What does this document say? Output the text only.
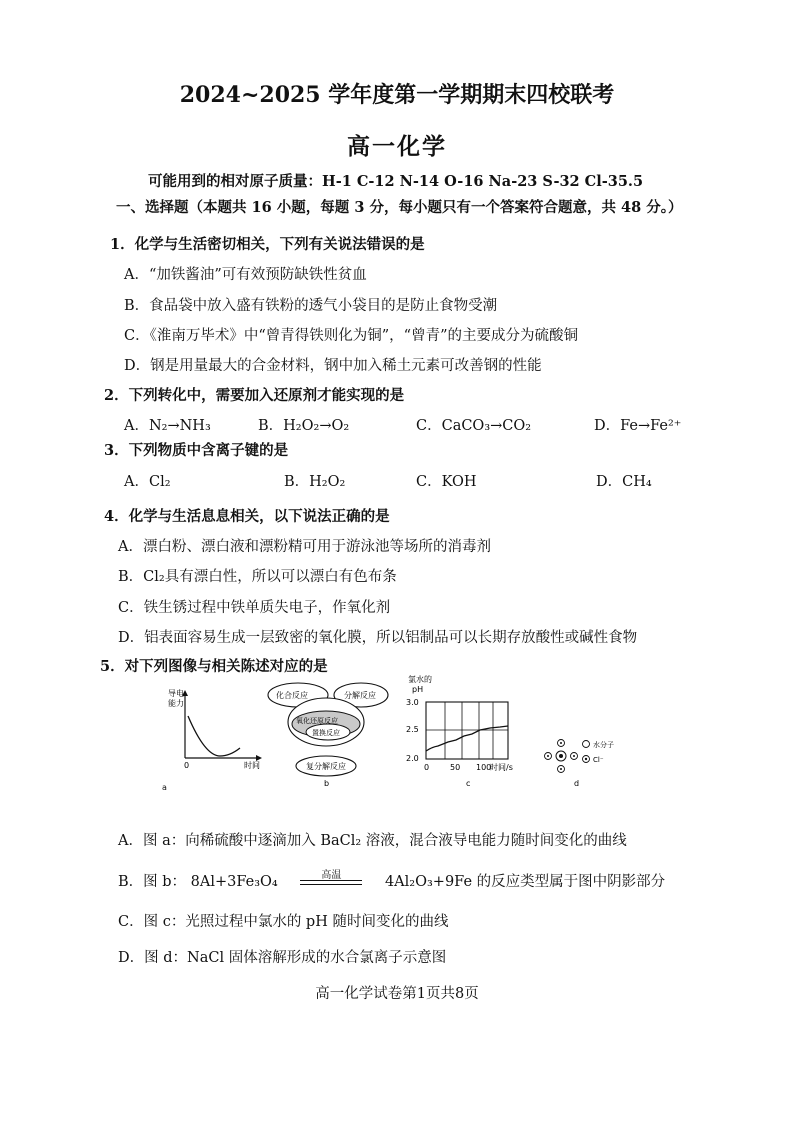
2024~2025 学年度第一学期期末四校联考
高一化学
可能用到的相对原子质量：H-1 C-12 N-14 O-16 Na-23 S-32 Cl-35.5
一、选择题（本题共 16 小题，每题 3 分，每小题只有一个答案符合题意，共 48 分。）
1．化学与生活密切相关，下列有关说法错误的是
A．“加铁酱油”可有效预防缺铁性贫血
B．食品袋中放入盛有铁粉的透气小袋目的是防止食物受潮
C．《淮南万毕术》中“曾青得铁则化为铜”，“曾青”的主要成分为硫酸铜
D．钢是用量最大的合金材料，钢中加入稀土元素可改善钢的性能
2．下列转化中，需要加入还原剂才能实现的是
A．N₂→NH₃	B．H₂O₂→O₂	C．CaCO₃→CO₂	D．Fe→Fe²⁺
3．下列物质中含离子键的是
A．Cl₂	B．H₂O₂	C．KOH	D．CH₄
4．化学与生活息息相关，以下说法正确的是
A．漂白粉、漂白液和漂粉精可用于游泳池等场所的消毒剂
B．Cl₂具有漂白性，所以可以漂白有色布条
C．铁生锈过程中铁单质失电子，作氧化剂
D．铝表面容易生成一层致密的氧化膜，所以铝制品可以长期存放酸性或碱性食物
5．对下列图像与相关陈述对应的是
导电
能力
0	时间
化合反应	分解反应
氧化还原反应
置换反应
复分解反应
b
氯水的
pH
3.0
2.5
2.0
0	50 100
时间/s
c
水分子
Cl⁻
d
A．图 a：向稀硫酸中逐滴加入 BaCl₂ 溶液，混合液导电能力随时间变化的曲线
B．图 b： 8Al+3Fe₃O₄	高温	4Al₂O₃+9Fe 的反应类型属于图中阴影部分
C．图 c：光照过程中氯水的 pH 随时间变化的曲线
D．图 d：NaCl 固体溶解形成的水合氯离子示意图
高一化学试卷第1页共8页
a
